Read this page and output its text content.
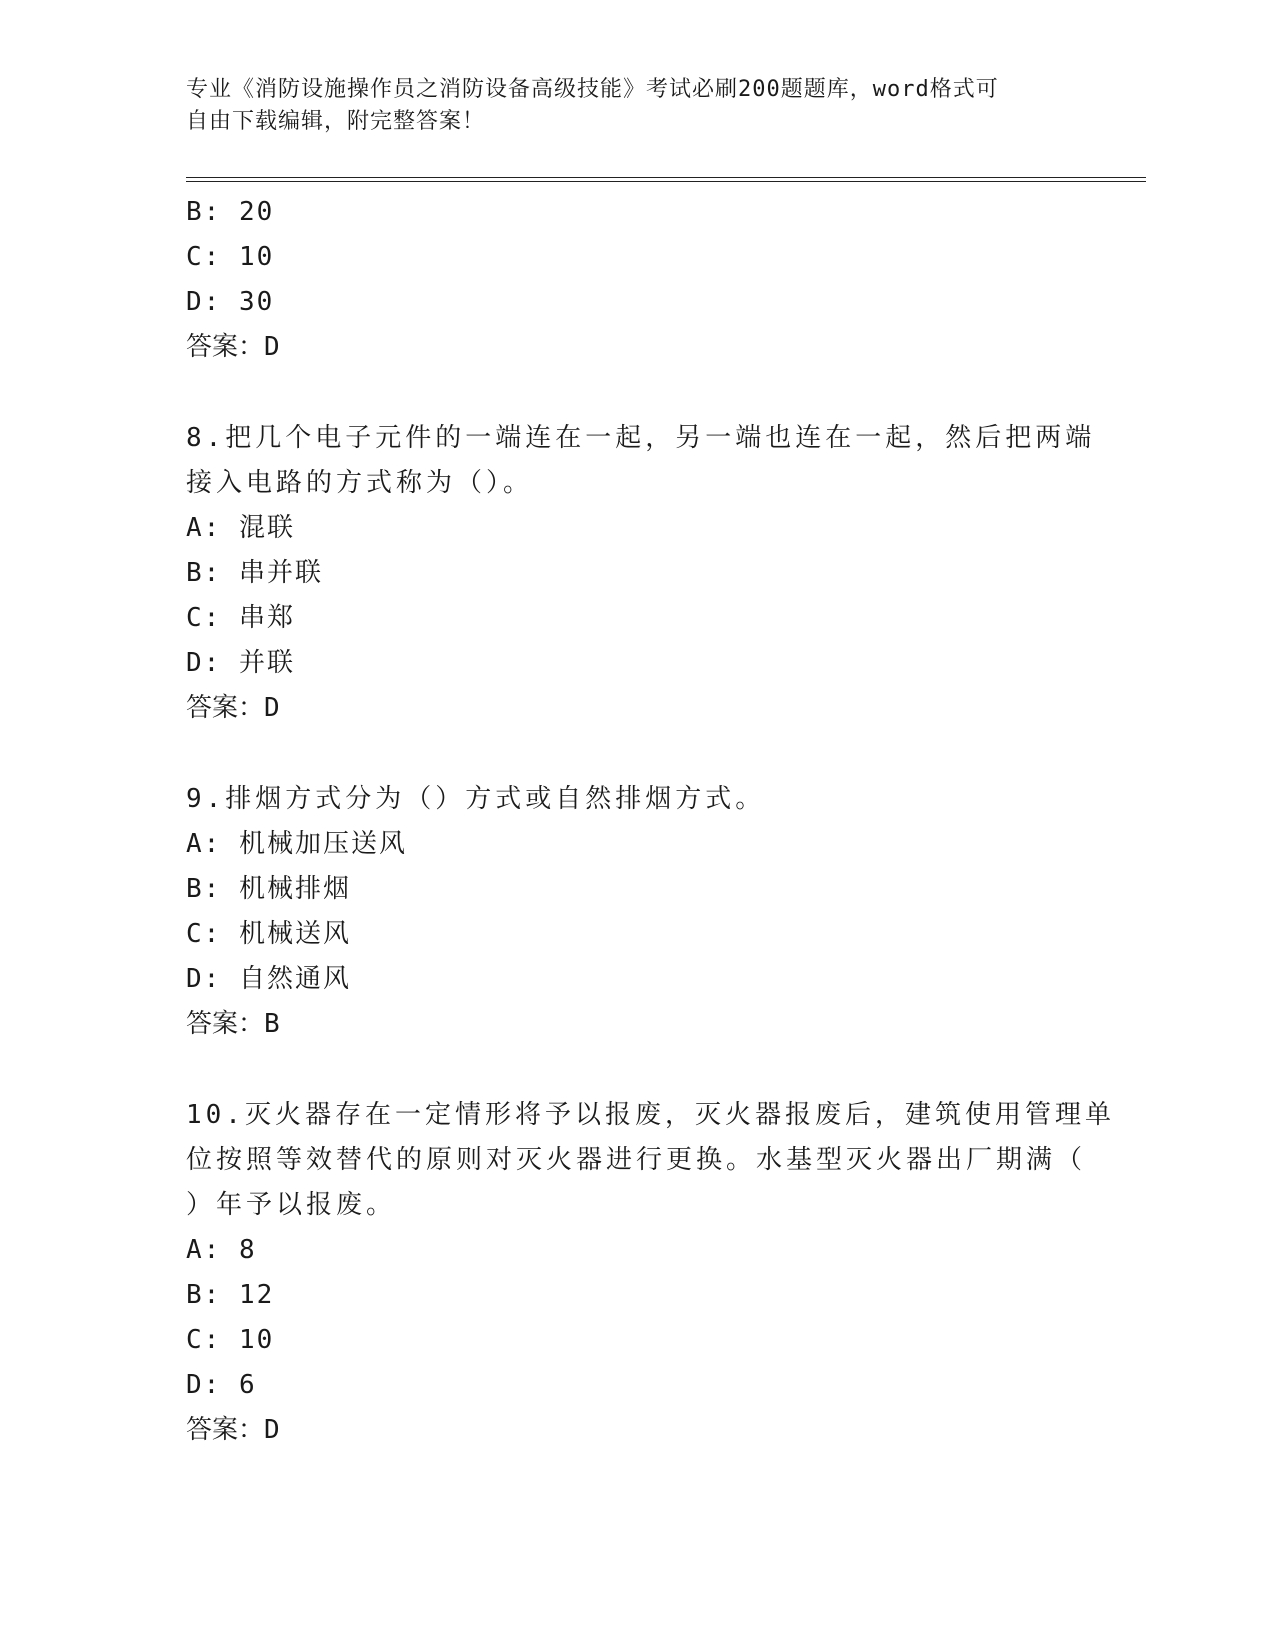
专业《消防设施操作员之消防设备高级技能》考试必刷200题题库，word格式可
自由下载编辑，附完整答案！
B: 20
C: 10
D: 30
答案：D
8.把几个电子元件的一端连在一起，另一端也连在一起，然后把两端
接入电路的方式称为（）。
A: 混联
B: 串并联
C: 串郑
D: 并联
答案：D
9.排烟方式分为（）方式或自然排烟方式。
A: 机械加压送风
B: 机械排烟
C: 机械送风
D: 自然通风
答案：B
10.灭火器存在一定情形将予以报废，灭火器报废后，建筑使用管理单
位按照等效替代的原则对灭火器进行更换。水基型灭火器出厂期满（
）年予以报废。
A: 8
B: 12
C: 10
D: 6
答案：D
